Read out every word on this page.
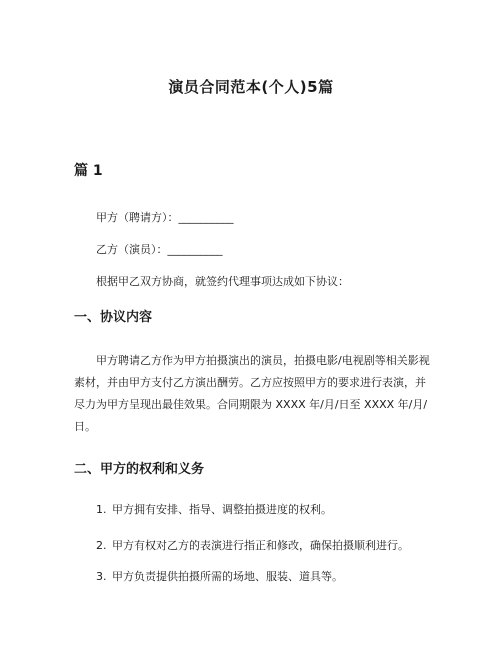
演员合同范本(个人)5篇
篇 1
甲方（聘请方）：__________
乙方（演员）：__________
根据甲乙双方协商，就签约代理事项达成如下协议：
一、协议内容

甲方聘请乙方作为甲方拍摄演出的演员，拍摄电影/电视剧等相关影视素材，并由甲方支付乙方演出酬劳。乙方应按照甲方的要求进行表演，并尽力为甲方呈现出最佳效果。合同期限为 XXXX 年/月/日至 XXXX 年/月/日。

二、甲方的权利和义务
1. 甲方拥有安排、指导、调整拍摄进度的权利。
2. 甲方有权对乙方的表演进行指正和修改，确保拍摄顺利进行。
3. 甲方负责提供拍摄所需的场地、服装、道具等。
